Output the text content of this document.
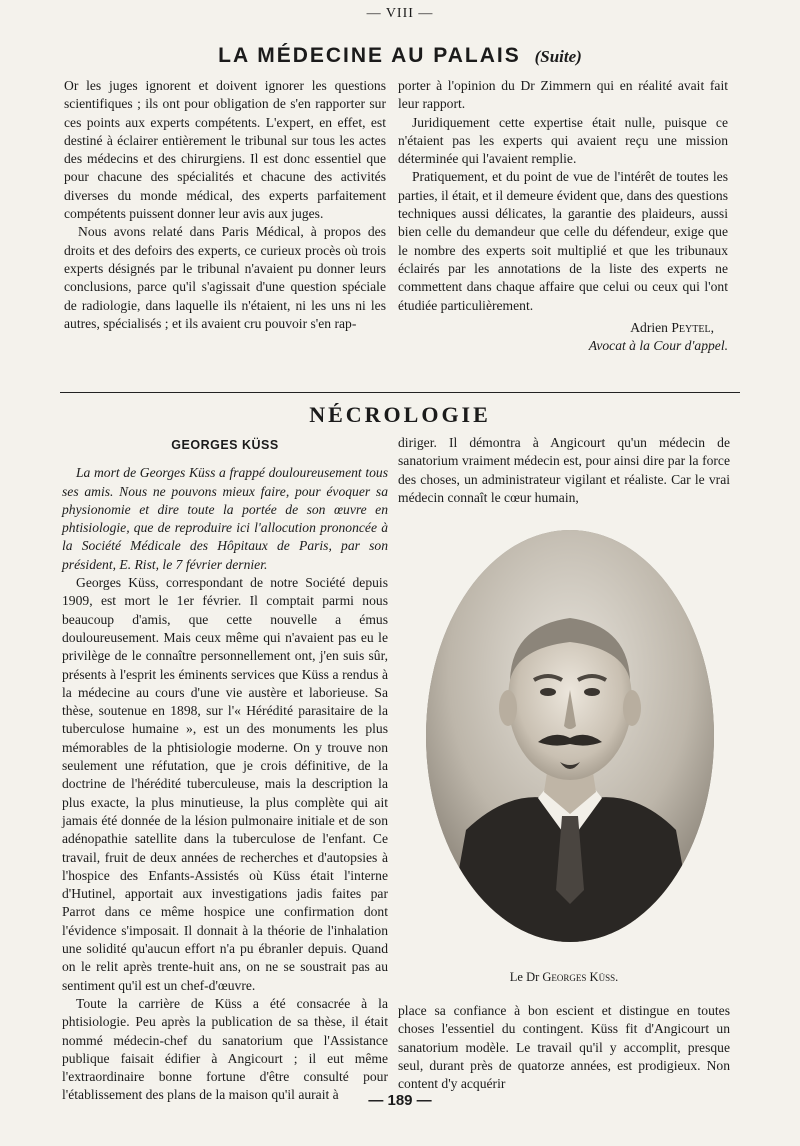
— VIII —
LA MÉDECINE AU PALAIS (Suite)

Or les juges ignorent et doivent ignorer les questions scientifiques ; ils ont pour obligation de s'en rapporter sur ces points aux experts compétents. L'expert, en effet, est destiné à éclairer entièrement le tribunal sur tous les actes des médecins et des chirurgiens. Il est donc essentiel que pour chacune des spécialités et chacune des activités diverses du monde médical, des experts parfaitement compétents puissent donner leur avis aux juges.

Nous avons relaté dans Paris Médical, à propos des droits et des defoirs des experts, ce curieux procès où trois experts désignés par le tribunal n'avaient pu donner leurs conclusions, parce qu'il s'agissait d'une question spéciale de radiologie, dans laquelle ils n'étaient, ni les uns ni les autres, spécialisés ; et ils avaient cru pouvoir s'en rap-

porter à l'opinion du Dr Zimmern qui en réalité avait fait leur rapport.

Juridiquement cette expertise était nulle, puisque ce n'étaient pas les experts qui avaient reçu une mission déterminée qui l'avaient remplie.

Pratiquement, et du point de vue de l'intérêt de toutes les parties, il était, et il demeure évident que, dans des questions techniques aussi délicates, la garantie des plaideurs, aussi bien celle du demandeur que celle du défendeur, exige que le nombre des experts soit multiplié et que les tribunaux éclairés par les annotations de la liste des experts ne commettent dans chaque affaire que celui ou ceux qui l'ont étudiée particulièrement.

Adrien Peytel,
Avocat à la Cour d'appel.
NÉCROLOGIE
GEORGES KÜSS

La mort de Georges Küss a frappé douloureusement tous ses amis. Nous ne pouvons mieux faire, pour évoquer sa physionomie et dire toute la portée de son œuvre en phtisiologie, que de reproduire ici l'allocution prononcée à la Société Médicale des Hôpitaux de Paris, par son président, E. Rist, le 7 février dernier.

Georges Küss, correspondant de notre Société depuis 1909, est mort le 1er février. Il comptait parmi nous beaucoup d'amis, que cette nouvelle a émus douloureusement. Mais ceux même qui n'avaient pas eu le privilège de le connaître personnellement ont, j'en suis sûr, présents à l'esprit les éminents services que Küss a rendus à la médecine au cours d'une vie austère et laborieuse. Sa thèse, soutenue en 1898, sur l'« Hérédité parasitaire de la tuberculose humaine », est un des monuments les plus mémorables de la phtisiologie moderne. On y trouve non seulement une réfutation, que je crois définitive, de la doctrine de l'hérédité tuberculeuse, mais la description la plus exacte, la plus minutieuse, la plus complète qui ait jamais été donnée de la lésion pulmonaire initiale et de son adénopathie satellite dans la tuberculose de l'enfant. Ce travail, fruit de deux années de recherches et d'autopsies à l'hospice des Enfants-Assistés où Küss était l'interne d'Hutinel, apportait aux investigations jadis faites par Parrot dans ce même hospice une confirmation dont l'évidence s'imposait. Il donnait à la théorie de l'inhalation une solidité qu'aucun effort n'a pu ébranler depuis. Quand on le relit après trente-huit ans, on ne se soustrait pas au sentiment qu'il est un chef-d'œuvre.

Toute la carrière de Küss a été consacrée à la phtisiologie. Peu après la publication de sa thèse, il était nommé médecin-chef du sanatorium que l'Assistance publique faisait édifier à Angicourt ; il eut même l'extraordinaire bonne fortune d'être consulté pour l'établissement des plans de la maison qu'il aurait à

diriger. Il démontra à Angicourt qu'un médecin de sanatorium vraiment médecin est, pour ainsi dire par la force des choses, un administrateur vigilant et réaliste. Car le vrai médecin connaît le cœur humain,

Le Dr Georges Küss.

place sa confiance à bon escient et distingue en toutes choses l'essentiel du contingent. Küss fit d'Angicourt un sanatorium modèle. Le travail qu'il y accomplit, presque seul, durant près de quatorze années, est prodigieux. Non content d'y acquérir

— 189 —
